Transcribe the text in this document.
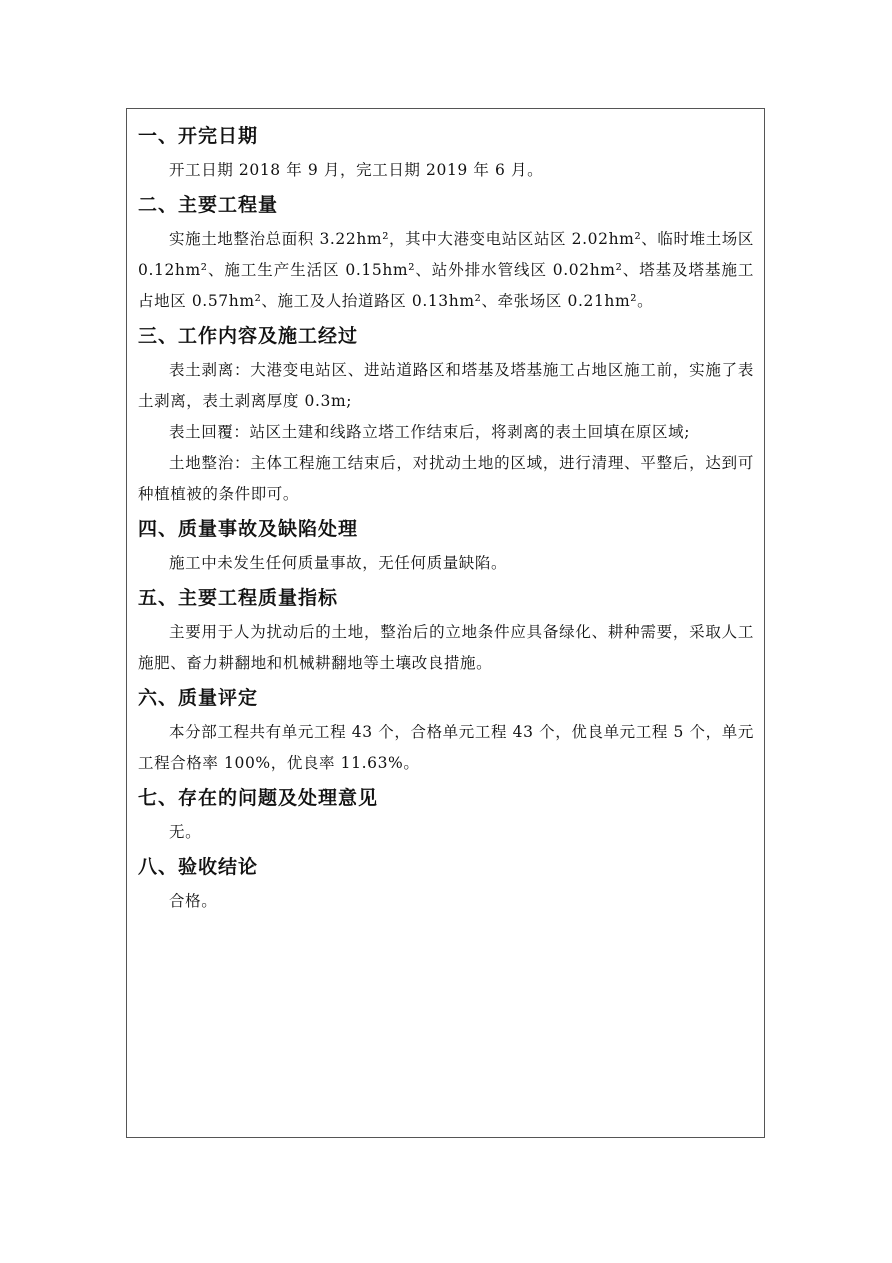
一、开完日期

开工日期 2018 年 9 月，完工日期 2019 年 6 月。

二、主要工程量

实施土地整治总面积 3.22hm²，其中大港变电站区站区 2.02hm²、临时堆土场区 0.12hm²、施工生产生活区 0.15hm²、站外排水管线区 0.02hm²、塔基及塔基施工占地区 0.57hm²、施工及人抬道路区 0.13hm²、牵张场区 0.21hm²。

三、工作内容及施工经过

表土剥离：大港变电站区、进站道路区和塔基及塔基施工占地区施工前，实施了表土剥离，表土剥离厚度 0.3m;

表土回覆：站区土建和线路立塔工作结束后，将剥离的表土回填在原区域;

土地整治：主体工程施工结束后，对扰动土地的区域，进行清理、平整后，达到可种植植被的条件即可。

四、质量事故及缺陷处理

施工中未发生任何质量事故，无任何质量缺陷。

五、主要工程质量指标

主要用于人为扰动后的土地，整治后的立地条件应具备绿化、耕种需要，采取人工施肥、畜力耕翻地和机械耕翻地等土壤改良措施。

六、质量评定

本分部工程共有单元工程 43 个，合格单元工程 43 个，优良单元工程 5 个，单元工程合格率 100%，优良率 11.63%。

七、存在的问题及处理意见

无。

八、验收结论

合格。
